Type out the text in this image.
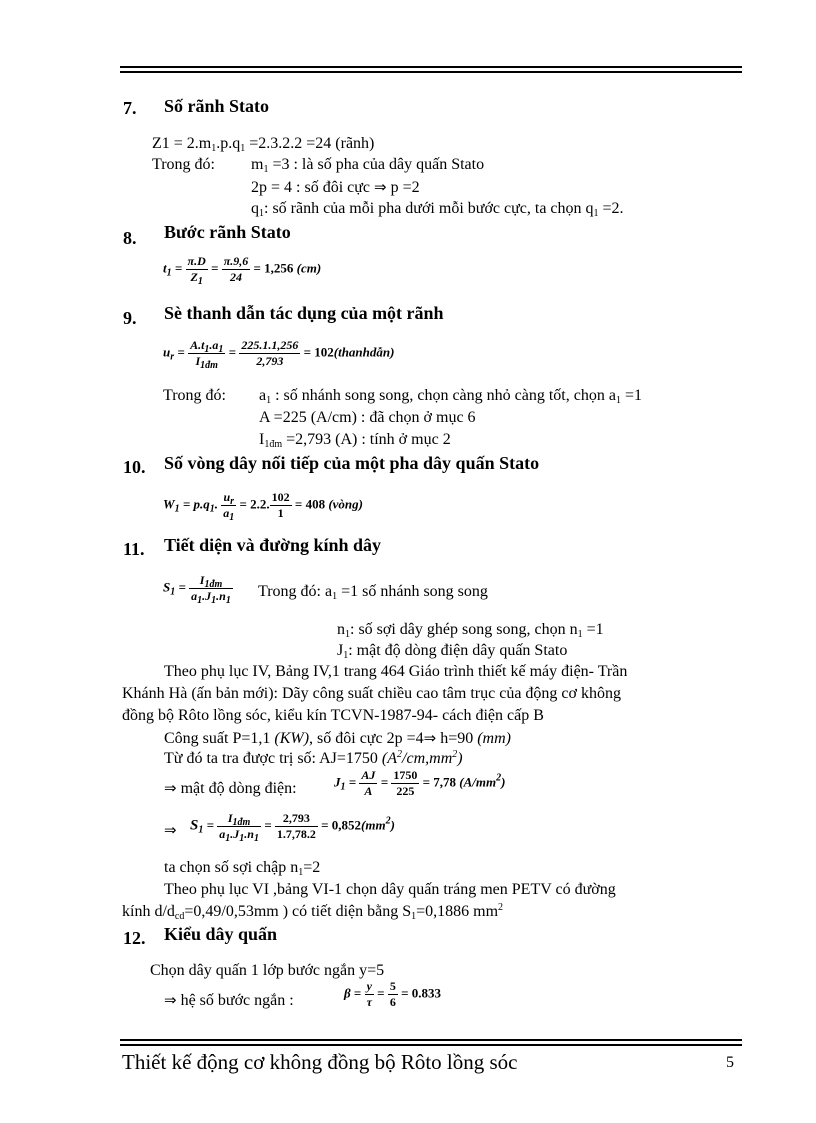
7. Số rãnh Stato
$Z1 = 2.m_1.p.q_1 =2.3.2.2 =24$ (rãnh)
Trong đó: $m_1 =3$ : là số pha của dây quấn Stato
2p = 4 : số đôi cực ⇒ p =2
$q_1$: số rãnh của mỗi pha dưới mỗi bước cực, ta chọn $q_1 =2$.
8. Bước rãnh Stato
$t_1 = \frac{\pi.D}{Z_1} = \frac{\pi.9,6}{24} = 1,256$ (cm)
9. Sè thanh dẫn tác dụng của một rãnh
$u_r = \frac{A.t_1.a_1}{I_{1đm}} = \frac{225.1.1,256}{2,793}$ = 102(thanhdẫn)
Trong đó: $a_1$ : số nhánh song song, chọn càng nhỏ càng tốt, chọn $a_1 =1$
A =225 (A/cm) : đã chọn ở mục 6
$I_{1đm} =2,793$ (A) : tính ở mục 2
10. Số vòng dây nối tiếp của một pha dây quấn Stato
$W_1 = p.q_1$. $\frac{u_r}{a_1} = 2.2$. $\frac{102}{1} = 408$ (vòng)
11. Tiết diện và đường kính dây
$S_1 = \frac{I_{1đm}}{a_1.J_1.n_1}$ Trong đó: $a_1 =1$ số nhánh song song
$n_1$: số sợi dây ghép song song, chọn $n_1 =1$
$J_1$: mật độ dòng điện dây quấn Stato
Theo phụ lục IV, Bảng IV,1 trang 464 Giáo trình thiết kế máy điện- Trần
Khánh Hà (ấn bản mới): Dãy công suất chiều cao tâm trục của động cơ không
đồng bộ Rôto lồng sóc, kiểu kín TCVN-1987-94- cách điện cấp B
Công suất P=1,1 (KW), số đôi cực 2p =4⇒ h=90 (mm)
Từ đó ta tra được trị số: AJ=1750 $(A^2/cm,mm^2)$
⇒ mật độ dòng điện:	$J_1 = \frac{AJ}{A} = \frac{1750}{225} = 7,78$ $(A/mm^2)$
⇒ $S_1 = \frac{I_{1đm}}{a_1.J_1.n_1} = \frac{2,793}{1.7,78.2} = 0,852(mm^2)$
ta chọn số sợi chập $n_1=2$
Theo phụ lục VI ,bảng VI-1 chọn dây quấn tráng men PETV có đường
kính $d/d_{cd}=0,49/0,53mm$ ) có tiết diện bằng $S_1=0,1886$ $mm^2$
12. Kiểu dây quấn
Chọn dây quấn 1 lớp bước ngắn y=5
⇒ hệ số bước ngắn :	$\beta = \frac{y}{\tau} = \frac{5}{6} = 0.833$
Thiết kế động cơ không đồng bộ Rôto lồng sóc	5
